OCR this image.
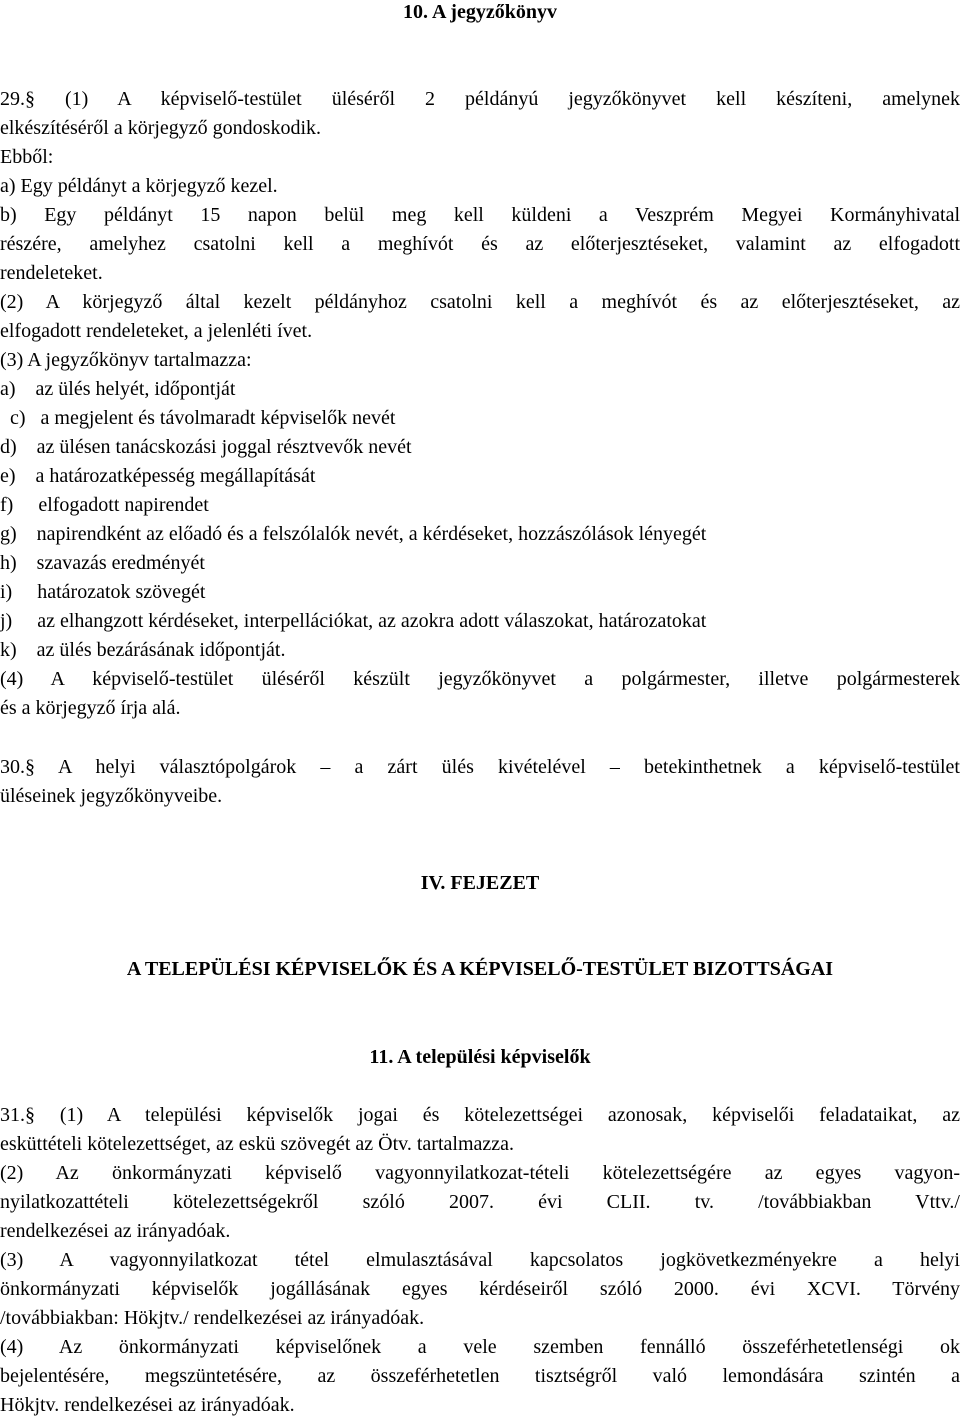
10. A jegyzőkönyv
29.§ (1) A képviselő-testület üléséről 2 példányú jegyzőkönyvet kell készíteni, amelynek
elkészítéséről a körjegyző gondoskodik.
Ebből:
a) Egy példányt a körjegyző kezel.
b) Egy példányt 15 napon belül meg kell küldeni a Veszprém Megyei Kormányhivatal
részére, amelyhez csatolni kell a meghívót és az előterjesztéseket, valamint az elfogadott
rendeleteket.
(2) A körjegyző által kezelt példányhoz csatolni kell a meghívót és az előterjesztéseket, az
elfogadott rendeleteket, a jelenléti ívet.
(3) A jegyzőkönyv tartalmazza:
a)    az ülés helyét, időpontját
c)   a megjelent és távolmaradt képviselők nevét
d)    az ülésen tanácskozási joggal résztvevők nevét
e)    a határozatképesség megállapítását
f)     elfogadott napirendet
g)    napirendként az előadó és a felszólalók nevét, a kérdéseket, hozzászólások lényegét
h)    szavazás eredményét
i)     határozatok szövegét
j)     az elhangzott kérdéseket, interpellációkat, az azokra adott válaszokat, határozatokat
k)    az ülés bezárásának időpontját.
(4) A képviselő-testület üléséről készült jegyzőkönyvet a polgármester, illetve polgármesterek
és a körjegyző írja alá.
30.§ A helyi választópolgárok – a zárt ülés kivételével – betekinthetnek a képviselő-testület
üléseinek jegyzőkönyveibe.
IV. FEJEZET
A TELEPÜLÉSI KÉPVISELŐK ÉS A KÉPVISELŐ-TESTÜLET BIZOTTSÁGAI
11. A települési képviselők
31.§ (1) A települési képviselők jogai és kötelezettségei azonosak, képviselői feladataikat, az
esküttételi kötelezettséget, az eskü szövegét az Ötv. tartalmazza.
(2) Az önkormányzati képviselő vagyonnyilatkozat-tételi kötelezettségére az egyes vagyon-
nyilatkozattételi kötelezettségekről szóló 2007. évi CLII. tv. /továbbiakban Vttv./
rendelkezései az irányadóak.
(3) A vagyonnyilatkozat tétel elmulasztásával kapcsolatos jogkövetkezményekre a helyi
önkormányzati képviselők jogállásának egyes kérdéseiről szóló 2000. évi XCVI. Törvény
/továbbiakban: Hökjtv./ rendelkezései az irányadóak.
(4) Az önkormányzati képviselőnek a vele szemben fennálló összeférhetetlenségi ok
bejelentésére, megszüntetésére, az összeférhetetlen tisztségről való lemondására szintén a
Hökjtv. rendelkezései az irányadóak.
